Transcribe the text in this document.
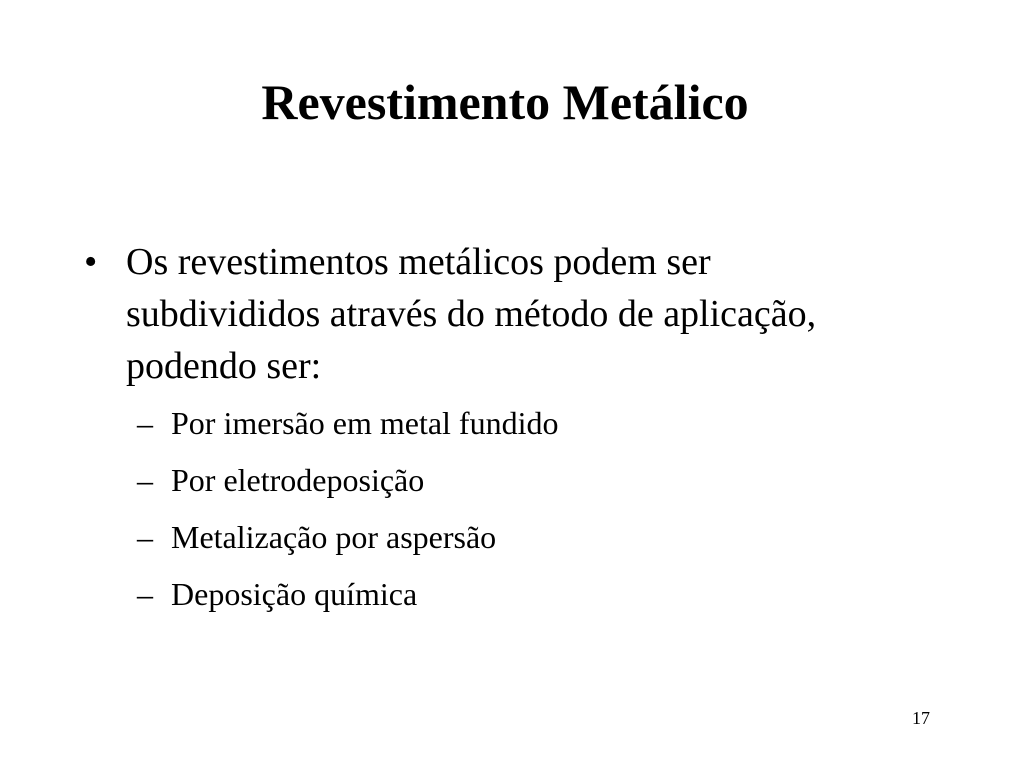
Revestimento Metálico
• Os revestimentos metálicos podem ser subdivididos através do método de aplicação, podendo ser:
– Por imersão em metal fundido
– Por eletrodeposição
– Metalização por aspersão
– Deposição química
17
